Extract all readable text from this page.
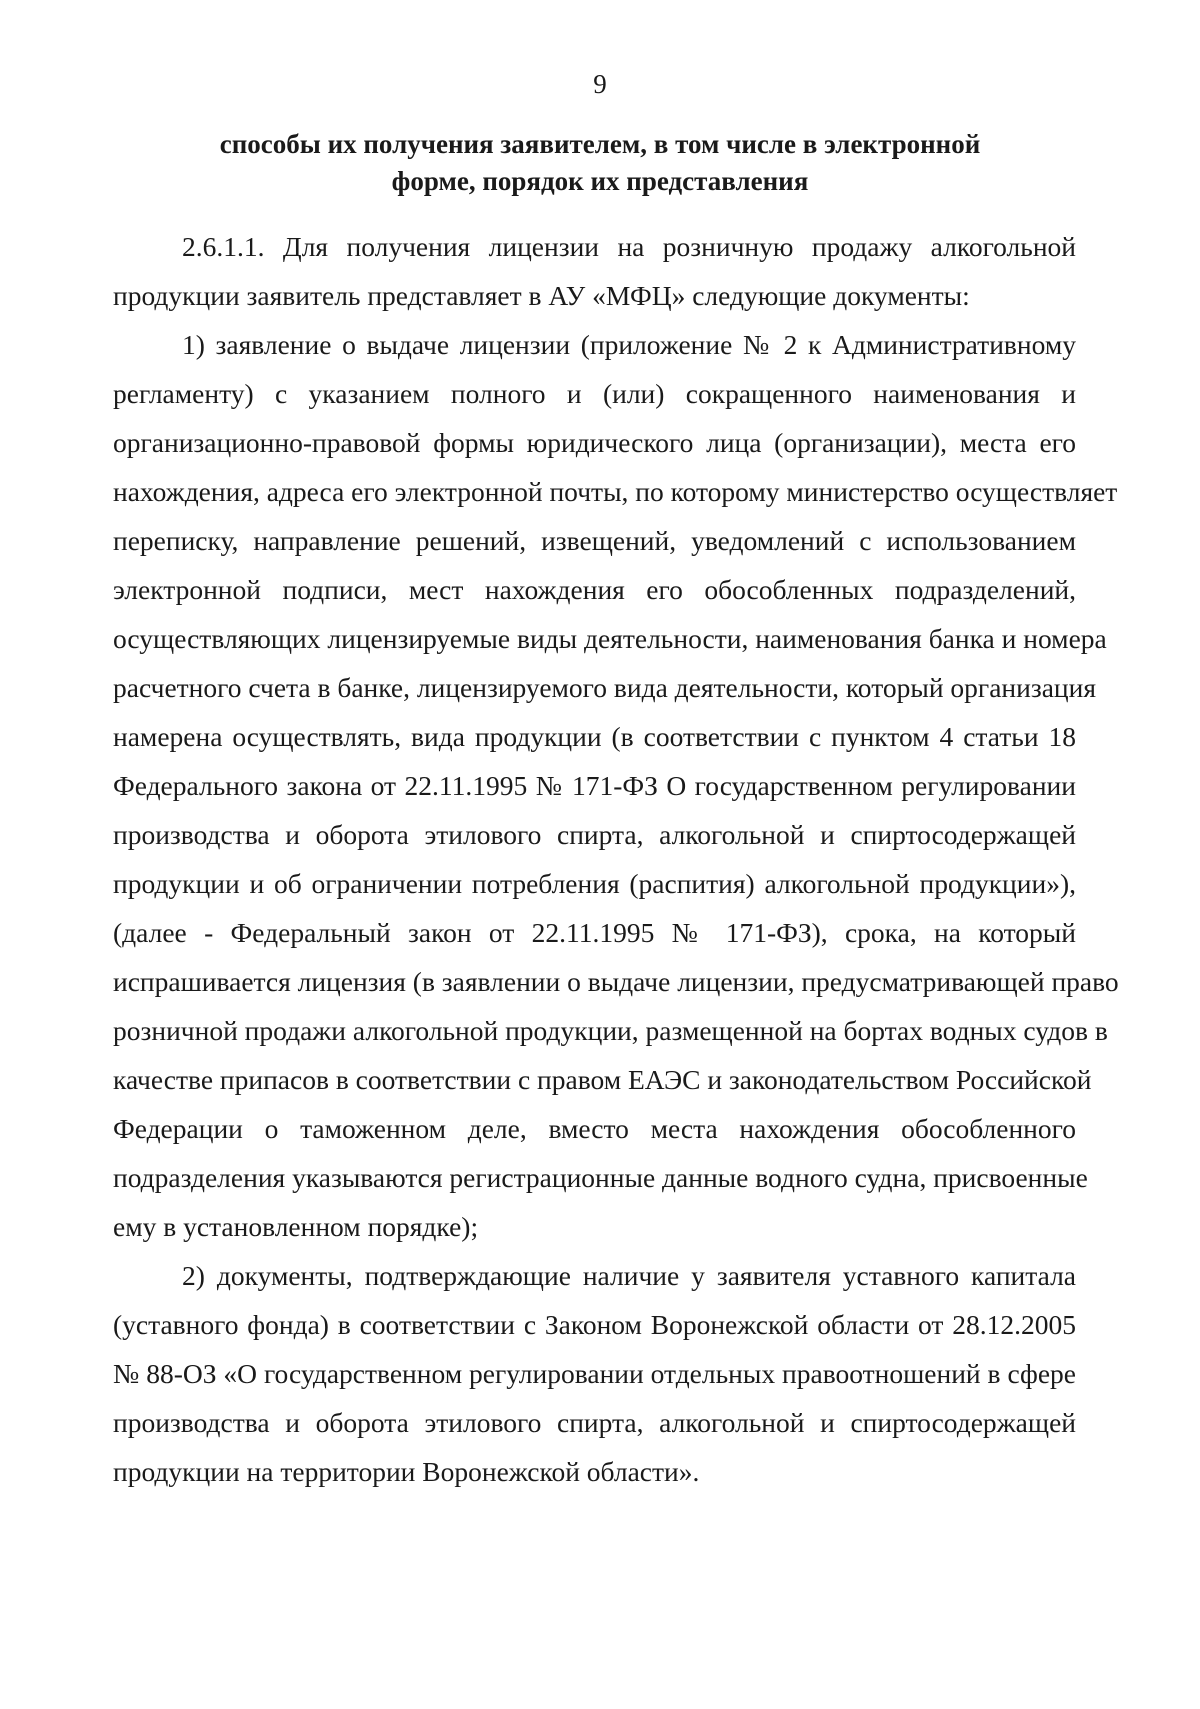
9
способы их получения заявителем, в том числе в электронной
форме, порядок их представления
2.6.1.1. Для получения лицензии на розничную продажу алкогольной
продукции заявитель представляет в АУ «МФЦ» следующие документы:
1) заявление о выдаче лицензии (приложение № 2 к Административному
регламенту) с указанием полного и (или) сокращенного наименования и
организационно-правовой формы юридического лица (организации), места его
нахождения, адреса его электронной почты, по которому министерство осуществляет
переписку, направление решений, извещений, уведомлений с использованием
электронной подписи, мест нахождения его обособленных подразделений,
осуществляющих лицензируемые виды деятельности, наименования банка и номера
расчетного счета в банке, лицензируемого вида деятельности, который организация
намерена осуществлять, вида продукции (в соответствии с пунктом 4 статьи 18
Федерального закона от 22.11.1995 № 171-ФЗ О государственном регулировании
производства и оборота этилового спирта, алкогольной и спиртосодержащей
продукции и об ограничении потребления (распития) алкогольной продукции»),
(далее - Федеральный закон от 22.11.1995 № 171-ФЗ), срока, на который
испрашивается лицензия (в заявлении о выдаче лицензии, предусматривающей право
розничной продажи алкогольной продукции, размещенной на бортах водных судов в
качестве припасов в соответствии с правом ЕАЭС и законодательством Российской
Федерации о таможенном деле, вместо места нахождения обособленного
подразделения указываются регистрационные данные водного судна, присвоенные
ему в установленном порядке);
2) документы, подтверждающие наличие у заявителя уставного капитала
(уставного фонда) в соответствии с Законом Воронежской области от 28.12.2005
№ 88-ОЗ «О государственном регулировании отдельных правоотношений в сфере
производства и оборота этилового спирта, алкогольной и спиртосодержащей
продукции на территории Воронежской области».
